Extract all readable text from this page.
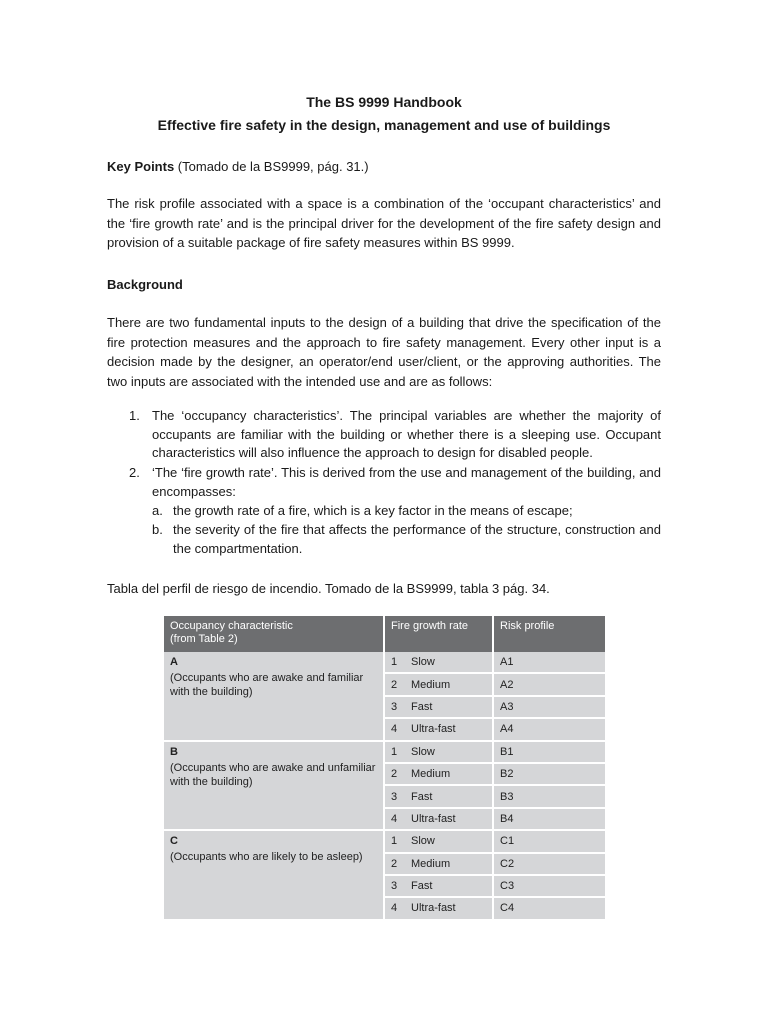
The BS 9999 Handbook
Effective fire safety in the design, management and use of buildings
Key Points (Tomado de la BS9999, pág. 31.)
The risk profile associated with a space is a combination of the ‘occupant characteristics’ and the ‘fire growth rate’ and is the principal driver for the development of the fire safety design and provision of a suitable package of fire safety measures within BS 9999.
Background
There are two fundamental inputs to the design of a building that drive the specification of the fire protection measures and the approach to fire safety management. Every other input is a decision made by the designer, an operator/end user/client, or the approving authorities. The two inputs are associated with the intended use and are as follows:
1. The ‘occupancy characteristics’. The principal variables are whether the majority of occupants are familiar with the building or whether there is a sleeping use. Occupant characteristics will also influence the approach to design for disabled people.
2. ‘The ‘fire growth rate’. This is derived from the use and management of the building, and encompasses:
a. the growth rate of a fire, which is a key factor in the means of escape;
b. the severity of the fire that affects the performance of the structure, construction and the compartmentation.
Tabla del perfil de riesgo de incendio. Tomado de la BS9999, tabla 3 pág. 34.
Occupancy characteristic
(from Table 2)	Fire growth rate	Risk profile

A
(Occupants who are awake and familiar with the building)	1 Slow	A1

	2 Medium	A2

	3 Fast	A3

	4 Ultra-fast	A4

B
(Occupants who are awake and unfamiliar with the building)	1 Slow	B1

	2 Medium	B2

	3 Fast	B3

	4 Ultra-fast	B4

C
(Occupants who are likely to be asleep)	1 Slow	C1

	2 Medium	C2

	3 Fast	C3

	4 Ultra-fast	C4
